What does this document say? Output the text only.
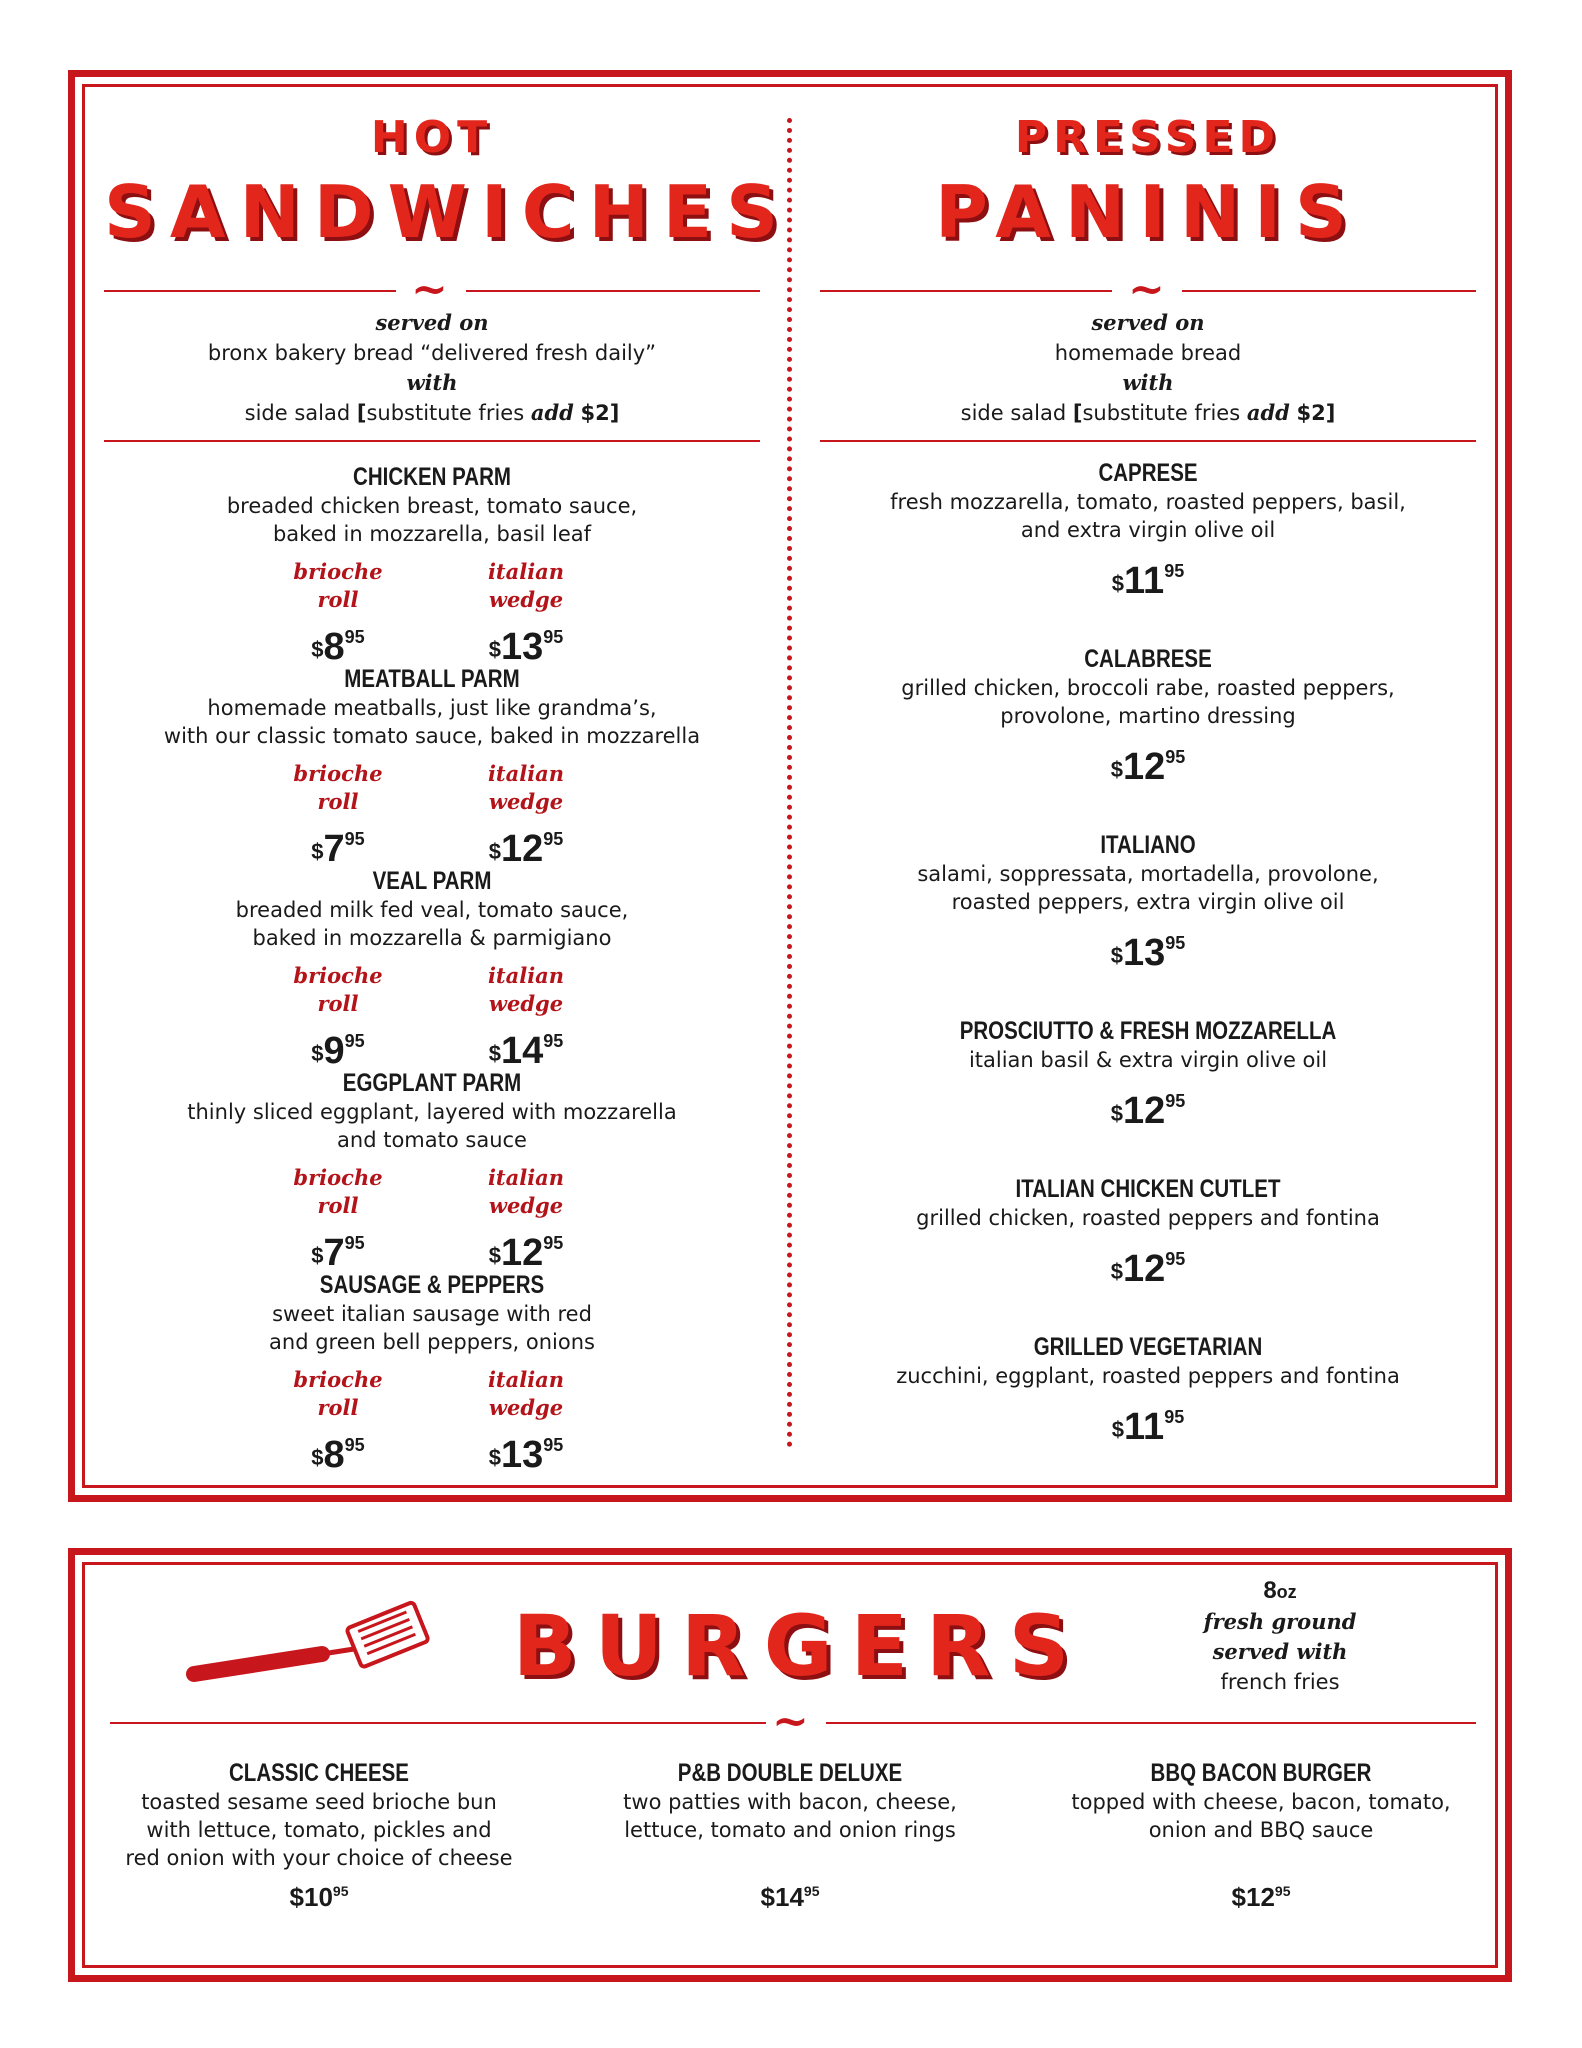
HOT
SANDWICHES
~
served on
bronx bakery bread “delivered fresh daily”
with
side salad [substitute fries add $2]
CHICKEN PARM
breaded chicken breast, tomato sauce,
baked in mozzarella, basil leaf
brioche roll
$\$8^{95}$
italian wedge
$\$13^{95}$
MEATBALL PARM
homemade meatballs, just like grandma’s,
with our classic tomato sauce, baked in mozzarella
brioche roll
$\$7^{95}$
italian wedge
$\$12^{95}$
VEAL PARM
breaded milk fed veal, tomato sauce,
baked in mozzarella & parmigiano
brioche roll
$\$9^{95}$
italian wedge
$\$14^{95}$
EGGPLANT PARM
thinly sliced eggplant, layered with mozzarella
and tomato sauce
brioche roll
$\$7^{95}$
italian wedge
$\$12^{95}$
SAUSAGE & PEPPERS
sweet italian sausage with red
and green bell peppers, onions
brioche roll
$\$8^{95}$
italian wedge
$\$13^{95}$
PRESSED
PANINIS
~
served on
homemade bread
with
side salad [substitute fries add $2]
CAPRESE
fresh mozzarella, tomato, roasted peppers, basil,
and extra virgin olive oil
$\$11^{95}$
CALABRESE
grilled chicken, broccoli rabe, roasted peppers,
provolone, martino dressing
$\$12^{95}$
ITALIANO
salami, soppressata, mortadella, provolone,
roasted peppers, extra virgin olive oil
$\$13^{95}$
PROSCIUTTO & FRESH MOZZARELLA
italian basil & extra virgin olive oil
$\$12^{95}$
ITALIAN CHICKEN CUTLET
grilled chicken, roasted peppers and fontina
$\$12^{95}$
GRILLED VEGETARIAN
zucchini, eggplant, roasted peppers and fontina
$\$11^{95}$
BURGERS
8oz
fresh ground
served with
french fries
~
CLASSIC CHEESE
toasted sesame seed brioche bun
with lettuce, tomato, pickles and
red onion with your choice of cheese
$\$10^{95}$
P&B DOUBLE DELUXE
two patties with bacon, cheese,
lettuce, tomato and onion rings
$\$14^{95}$
BBQ BACON BURGER
topped with cheese, bacon, tomato,
onion and BBQ sauce
$\$12^{95}$
